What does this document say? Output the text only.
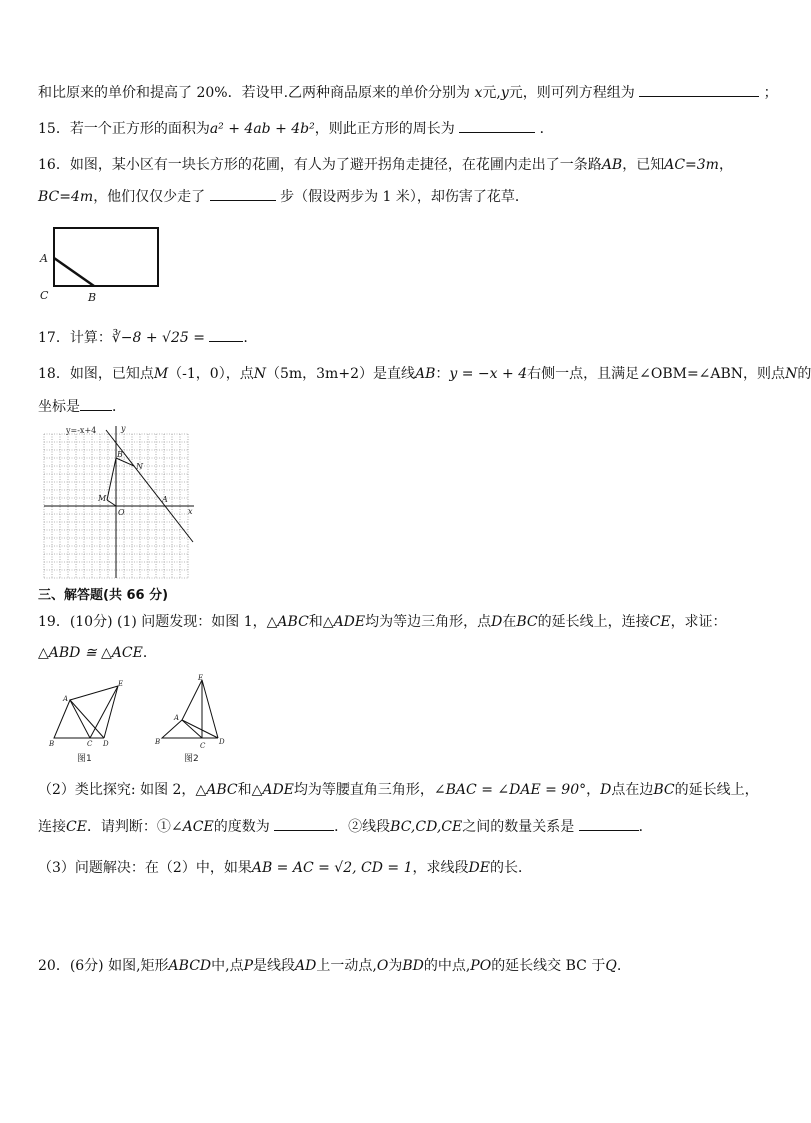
和比原来的单价和提高了 20%．若设甲.乙两种商品原来的单价分别为 x元,y元，则可列方程组为	；
15．若一个正方形的面积为a² + 4ab + 4b²，则此正方形的周长为	．
16．如图，某小区有一块长方形的花圃，有人为了避开拐角走捷径，在花圃内走出了一条路AB，已知AC=3m，
BC=4m，他们仅仅少走了	步（假设两步为 1 米），却伤害了花草．
A
C	B
17．计算：∛−8 + √25 =	.
18．如图，已知点M（-1，0），点N（5m，3m+2）是直线AB：y = −x + 4右侧一点，且满足∠OBM=∠ABN，则点N的
坐标是 ．
y=-x+4	y
x
B
N
M
O
A
三、解答题(共 66 分)
19．(10分) (1) 问题发现：如图 1，△ABC和△ADE均为等边三角形，点D在BC的延长线上，连接CE，求证：
△ABD ≅ △ACE．
A
E
B	C D
图1
A
E
B	C D
图2
（2）类比探究: 如图 2，△ABC和△ADE均为等腰直角三角形，∠BAC = ∠DAE = 90°，D点在边BC的延长线上，
连接CE．请判断：①∠ACE的度数为	．②线段BC,CD,CE之间的数量关系是	．
（3）问题解决：在（2）中，如果AB = AC = √2, CD = 1，求线段DE的长．
20．(6分) 如图,矩形ABCD中,点P是线段AD上一动点,O为BD的中点,PO的延长线交 BC 于Q.
